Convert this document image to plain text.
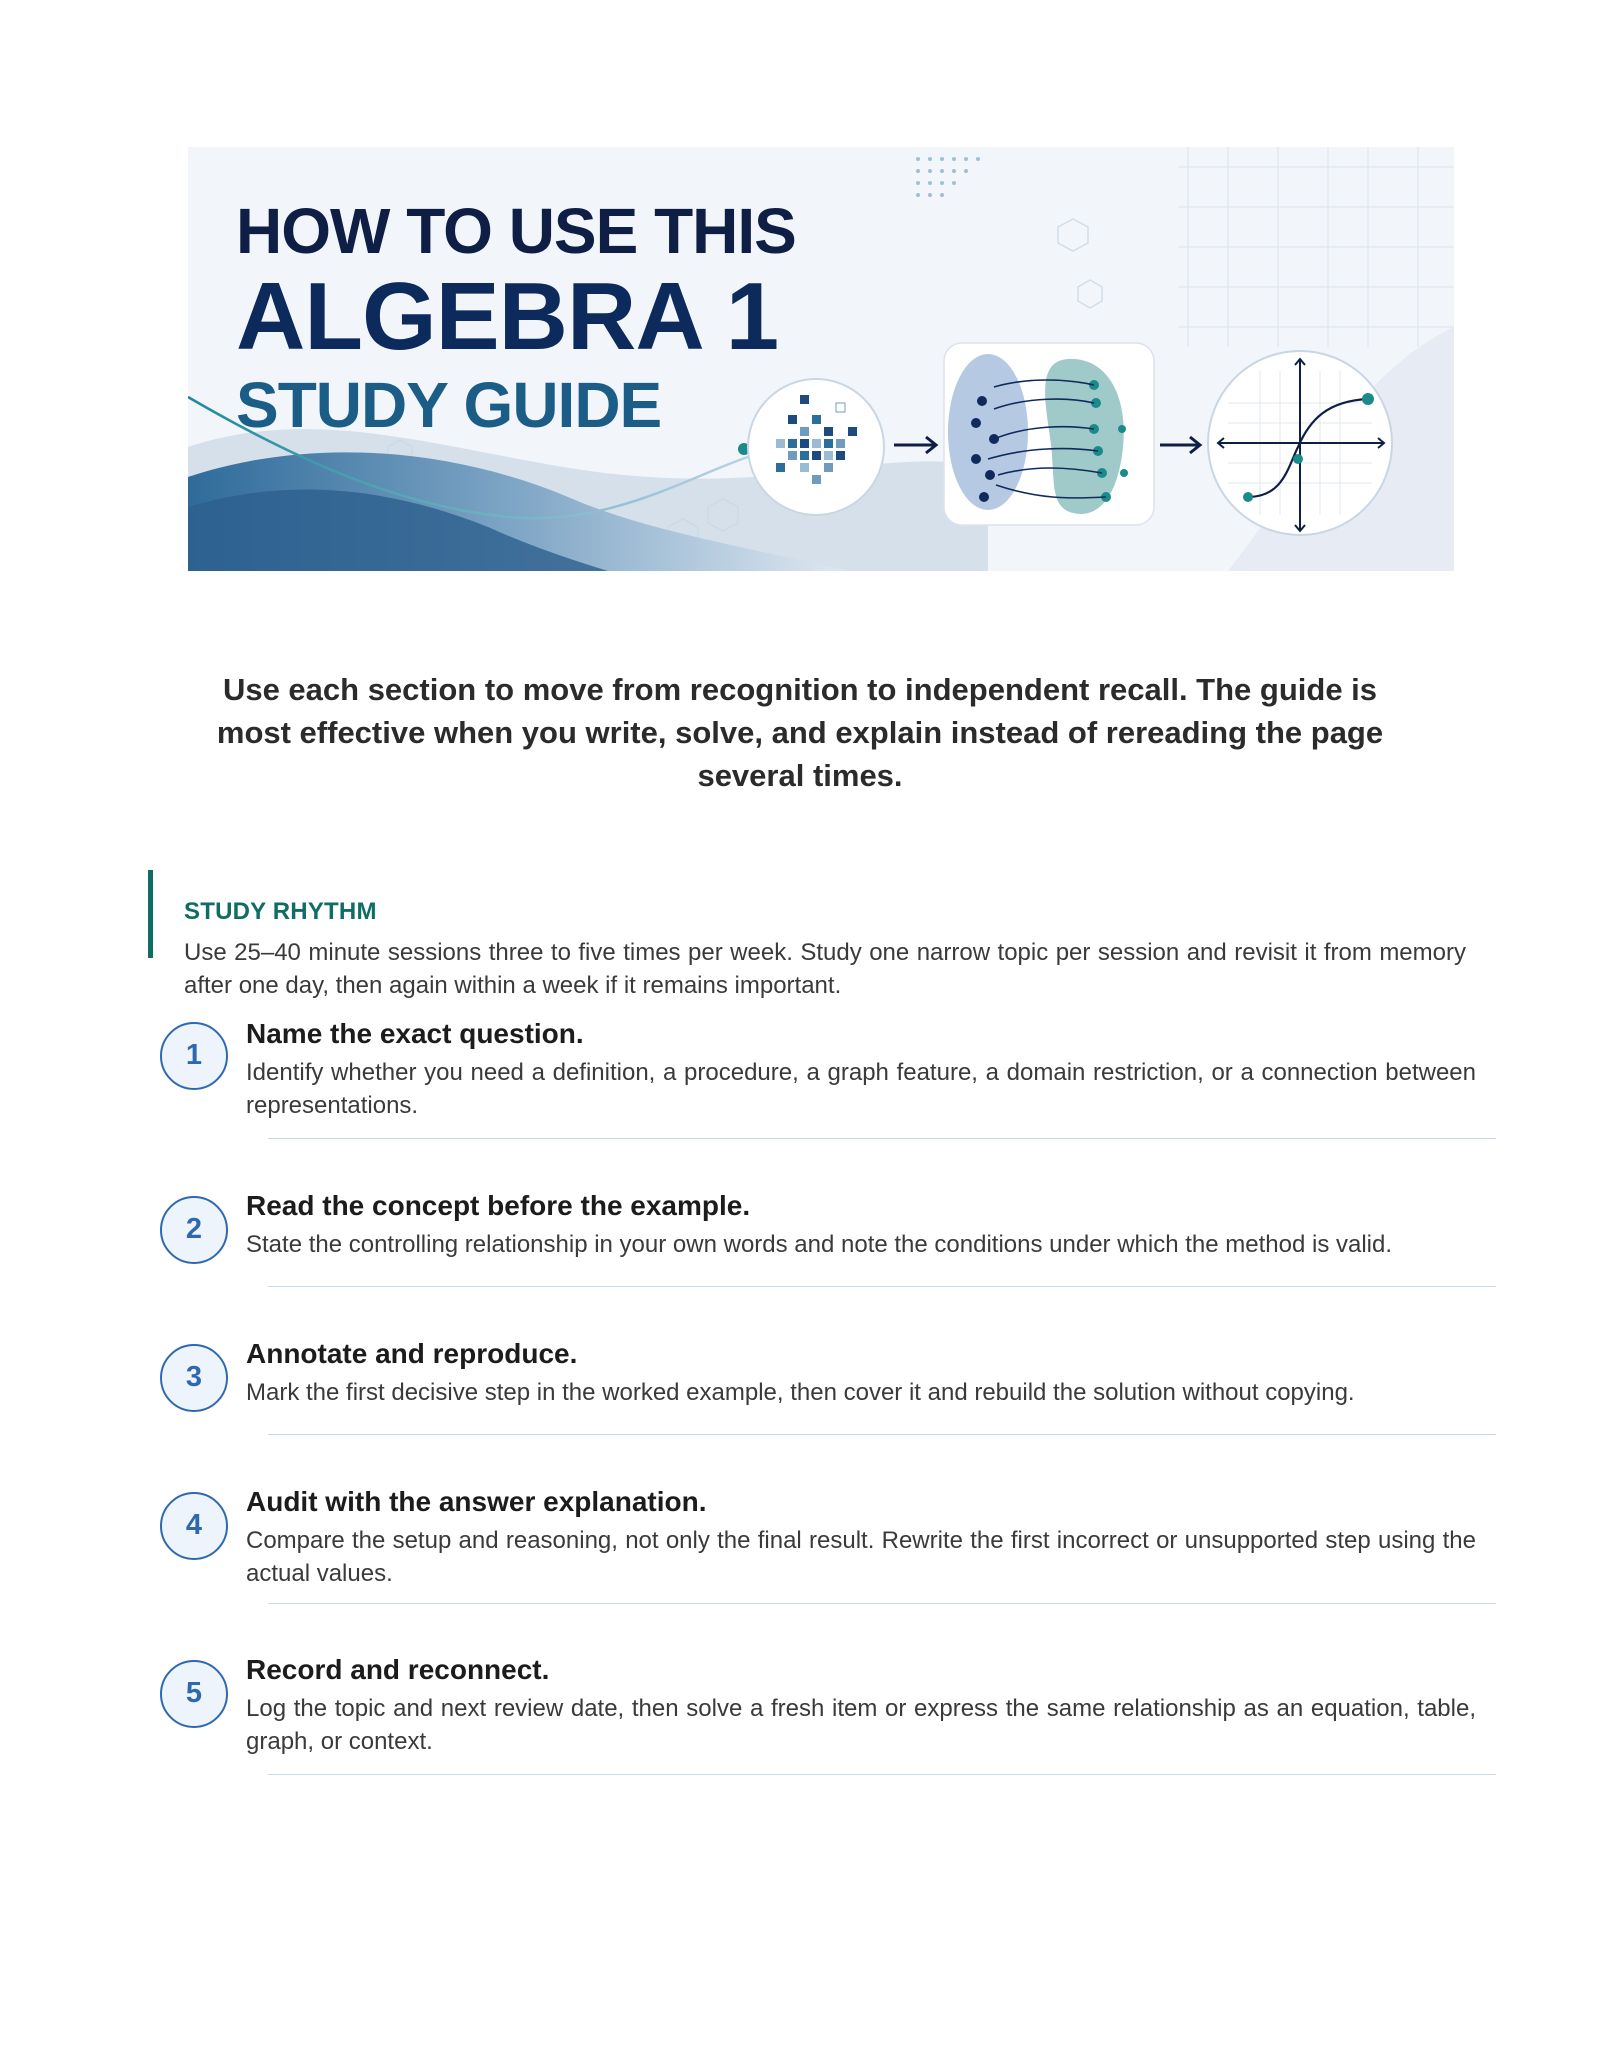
HOW TO USE THIS
ALGEBRA 1
STUDY GUIDE
Use each section to move from recognition to independent recall. The guide is most effective when you write, solve, and explain instead of rereading the page several times.
STUDY RHYTHM
Use 25–40 minute sessions three to five times per week. Study one narrow topic per session and revisit it from memory after one day, then again within a week if it remains important.
1
Name the exact question.
Identify whether you need a definition, a procedure, a graph feature, a domain restriction, or a connection between representations.
2
Read the concept before the example.
State the controlling relationship in your own words and note the conditions under which the method is valid.
3
Annotate and reproduce.
Mark the first decisive step in the worked example, then cover it and rebuild the solution without copying.
4
Audit with the answer explanation.
Compare the setup and reasoning, not only the final result. Rewrite the first incorrect or unsupported step using the actual values.
5
Record and reconnect.
Log the topic and next review date, then solve a fresh item or express the same relationship as an equation, table, graph, or context.
